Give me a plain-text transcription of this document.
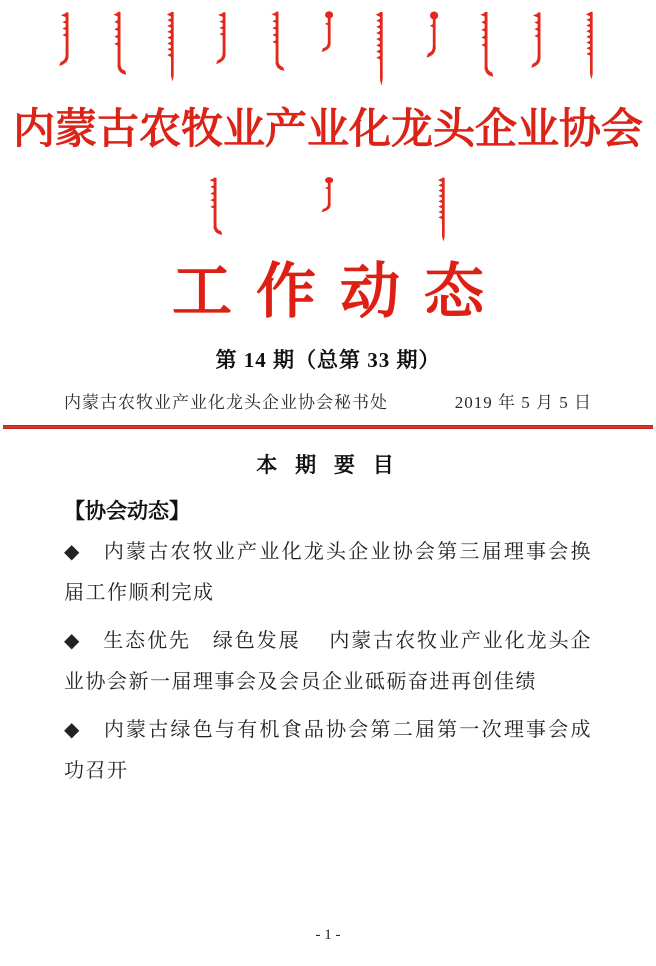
内蒙古农牧业产业化龙头企业协会
工作动态
第 14 期（总第 33 期）
内蒙古农牧业产业化龙头企业协会秘书处	2019 年 5 月 5 日
本 期 要 目
【协会动态】

◆　内蒙古农牧业产业化龙头企业协会第三届理事会换届工作顺利完成

◆　生态优先　绿色发展　 内蒙古农牧业产业化龙头企业协会新一届理事会及会员企业砥砺奋进再创佳绩

◆　内蒙古绿色与有机食品协会第二届第一次理事会成功召开

- 1 -
